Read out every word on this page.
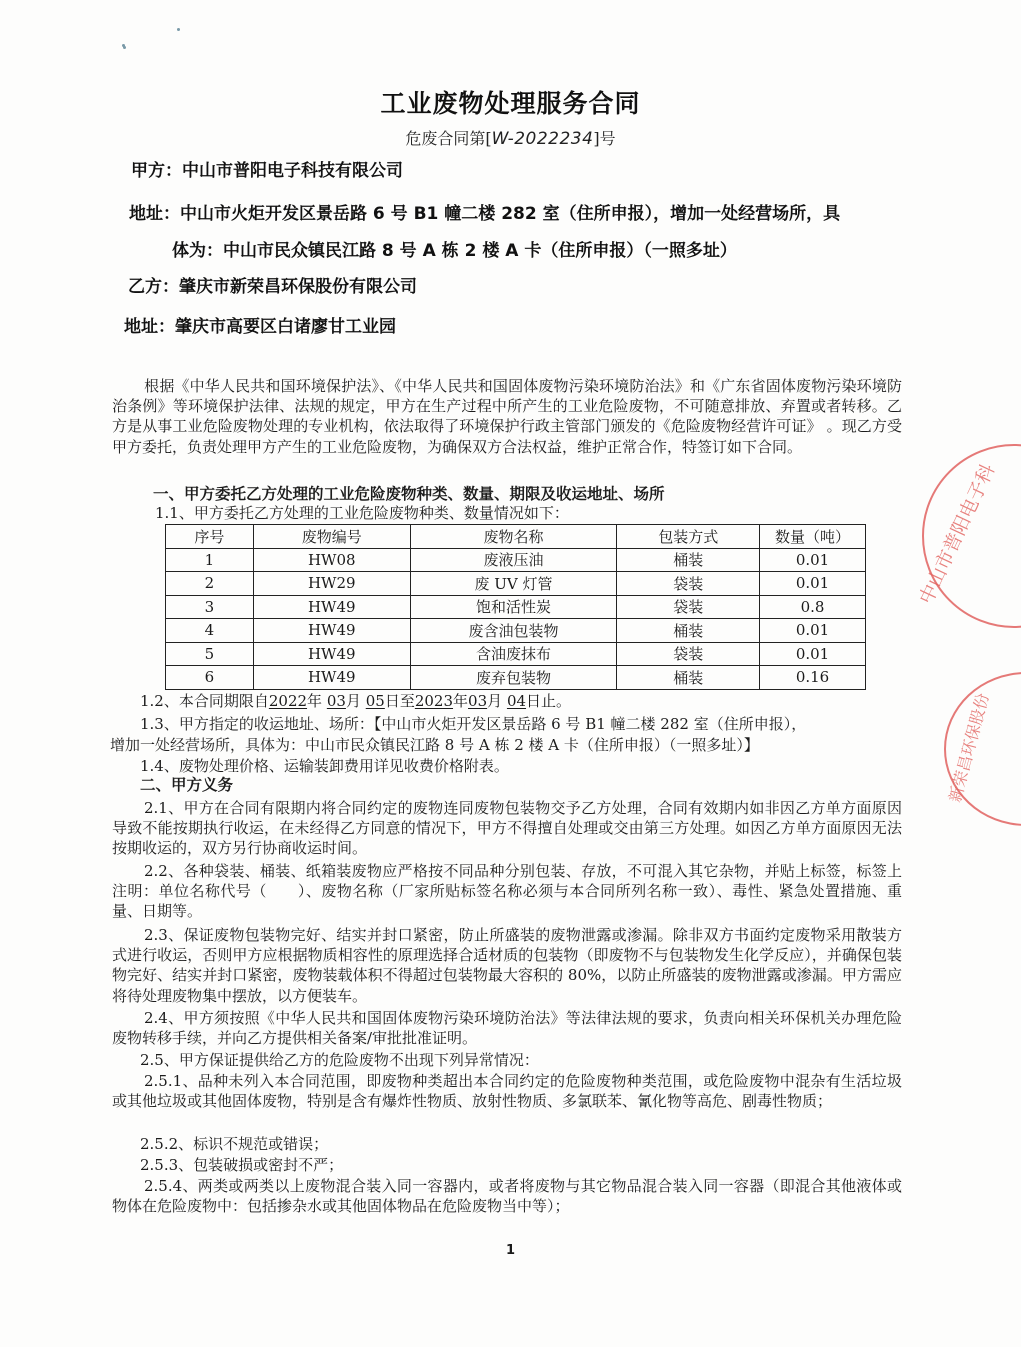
工业废物处理服务合同
危废合同第[W-2022234]号
甲方：中山市普阳电子科技有限公司
地址：中山市火炬开发区景岳路 6 号 B1 幢二楼 282 室（住所申报），增加一处经营场所，具
体为：中山市民众镇民江路 8 号 A 栋 2 楼 A 卡（住所申报）（一照多址）
乙方：肇庆市新荣昌环保股份有限公司
地址：肇庆市高要区白诸廖甘工业园
根据《中华人民共和国环境保护法》、《中华人民共和国固体废物污染环境防治法》和《广东省固体废物污染环境防治条例》等环境保护法律、法规的规定，甲方在生产过程中所产生的工业危险废物，不可随意排放、弃置或者转移。乙方是从事工业危险废物处理的专业机构，依法取得了环境保护行政主管部门颁发的《危险废物经营许可证》 。现乙方受甲方委托，负责处理甲方产生的工业危险废物，为确保双方合法权益，维护正常合作，特签订如下合同。
一、甲方委托乙方处理的工业危险废物种类、数量、期限及收运地址、场所
1.1、甲方委托乙方处理的工业危险废物种类、数量情况如下：
序号	废物编号	废物名称	包装方式	数量（吨）
1	HW08	废液压油	桶装	0.01
2	HW29	废 UV 灯管	袋装	0.01
3	HW49	饱和活性炭	袋装	0.8
4	HW49	废含油包装物	桶装	0.01
5	HW49	含油废抹布	袋装	0.01
6	HW49	废弃包装物	桶装	0.16
1.2、本合同期限自2022年 03月 05日至2023年03月 04日止。
1.3、甲方指定的收运地址、场所：【中山市火炬开发区景岳路 6 号 B1 幢二楼 282 室（住所申报），
增加一处经营场所，具体为：中山市民众镇民江路 8 号 A 栋 2 楼 A 卡（住所申报）（一照多址）】
1.4、废物处理价格、运输装卸费用详见收费价格附表。
二、甲方义务
2.1、甲方在合同有限期内将合同约定的废物连同废物包装物交予乙方处理，合同有效期内如非因乙方单方面原因导致不能按期执行收运，在未经得乙方同意的情况下，甲方不得擅自处理或交由第三方处理。如因乙方单方面原因无法按期收运的，双方另行协商收运时间。
2.2、各种袋装、桶装、纸箱装废物应严格按不同品种分别包装、存放，不可混入其它杂物，并贴上标签，标签上注明：单位名称代号（　　）、废物名称（厂家所贴标签名称必须与本合同所列名称一致）、毒性、紧急处置措施、重量、日期等。
2.3、保证废物包装物完好、结实并封口紧密，防止所盛装的废物泄露或渗漏。除非双方书面约定废物采用散装方式进行收运，否则甲方应根据物质相容性的原理选择合适材质的包装物（即废物不与包装物发生化学反应），并确保包装物完好、结实并封口紧密，废物装载体积不得超过包装物最大容积的 80%，以防止所盛装的废物泄露或渗漏。甲方需应将待处理废物集中摆放，以方便装车。
2.4、甲方须按照《中华人民共和国固体废物污染环境防治法》等法律法规的要求，负责向相关环保机关办理危险废物转移手续，并向乙方提供相关备案/审批批准证明。
2.5、甲方保证提供给乙方的危险废物不出现下列异常情况：
2.5.1、品种未列入本合同范围，即废物种类超出本合同约定的危险废物种类范围，或危险废物中混杂有生活垃圾或其他垃圾或其他固体废物，特别是含有爆炸性物质、放射性物质、多氯联苯、氰化物等高危、剧毒性物质；
2.5.2、标识不规范或错误；
2.5.3、包装破损或密封不严；
2.5.4、两类或两类以上废物混合装入同一容器内，或者将废物与其它物品混合装入同一容器（即混合其他液体或物体在危险废物中：包括掺杂水或其他固体物品在危险废物当中等）；
中山市普阳电子科
新荣昌环保股份
1
